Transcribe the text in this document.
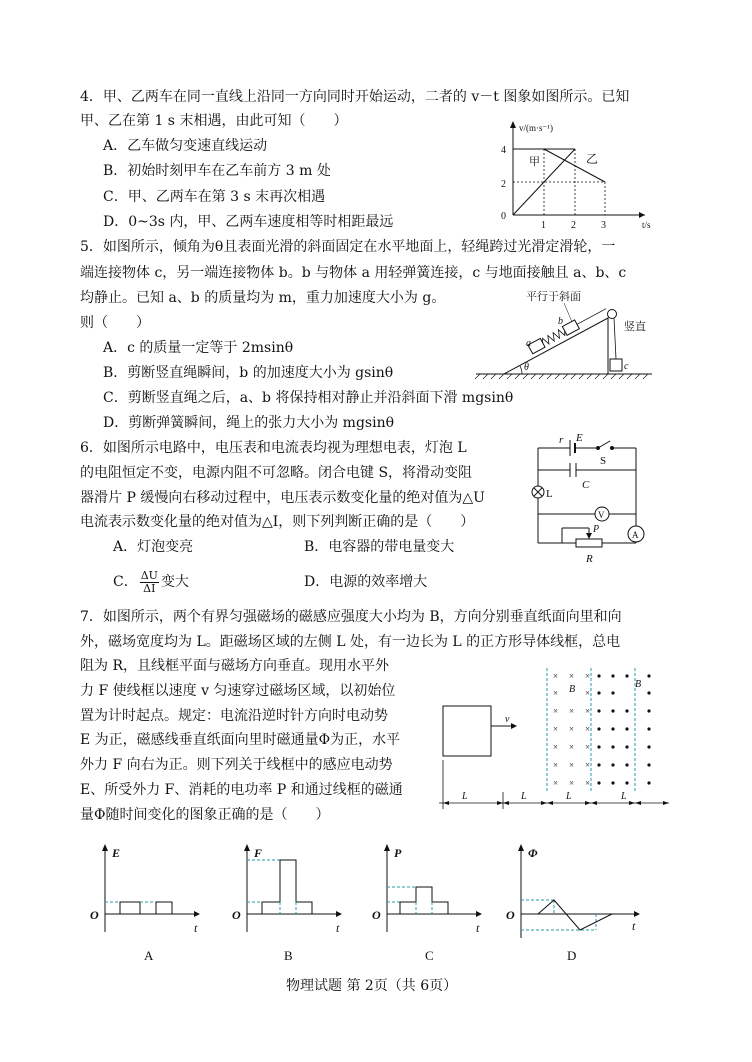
4．甲、乙两车在同一直线上沿同一方向同时开始运动，二者的 v－t 图象如图所示。已知
甲、乙在第 1 s 末相遇，由此可知（　　）
A．乙车做匀变速直线运动
B．初始时刻甲车在乙车前方 3 m 处
C．甲、乙两车在第 3 s 末再次相遇
D．0~3s 内，甲、乙两车速度相等时相距最远
v/(m·s⁻¹)
t/s
0
4
2
1	2	3
甲	乙
5．如图所示，倾角为θ且表面光滑的斜面固定在水平地面上，轻绳跨过光滑定滑轮，一
端连接物体 c，另一端连接物体 b。b 与物体 a 用轻弹簧连接，c 与地面接触且 a、b、c
均静止。已知 a、b 的质量均为 m，重力加速度大小为 g。
则（　　）
A．c 的质量一定等于 2msinθ
B．剪断竖直绳瞬间，b 的加速度大小为 gsinθ
C．剪断竖直绳之后，a、b 将保持相对静止并沿斜面下滑 mgsinθ
D．剪断弹簧瞬间，绳上的张力大小为 mgsinθ
θ
a
b
c
平行于斜面
竖直
6．如图所示电路中，电压表和电流表均视为理想电表，灯泡 L
的电阻恒定不变，电源内阻不可忽略。闭合电键 S，将滑动变阻
器滑片 P 缓慢向右移动过程中，电压表示数变化量的绝对值为△U
电流表示数变化量的绝对值为△I，则下列判断正确的是（　　）
A．灯泡变亮	B．电容器的带电量变大
C． $\frac{\Delta U}{\Delta I}$ 变大	D．电源的效率增大
r E
S
C
L
V
P
R
A
7．如图所示，两个有界匀强磁场的磁感应强度大小均为 B，方向分别垂直纸面向里和向
外，磁场宽度均为 L。距磁场区域的左侧 L 处，有一边长为 L 的正方形导体线框，总电
阻为 R，且线框平面与磁场方向垂直。现用水平外
力 F 使线框以速度 v 匀速穿过磁场区域，以初始位
置为计时起点。规定：电流沿逆时针方向时电动势
E 为正，磁感线垂直纸面向里时磁通量Φ为正，水平
外力 F 向右为正。则下列关于线框中的感应电动势
E、所受外力 F、消耗的电功率 P 和通过线框的磁通
量Φ随时间变化的图象正确的是（　　）
× × ×
×	×
× × ×
× × ×
× × ×
× × ×
× × ×
B	B
v
L	L	L	L
E
O
t
A
F
O
t
B
P
O
t
C
Φ
O
t
D
物理试题 第 2页（共 6页）
